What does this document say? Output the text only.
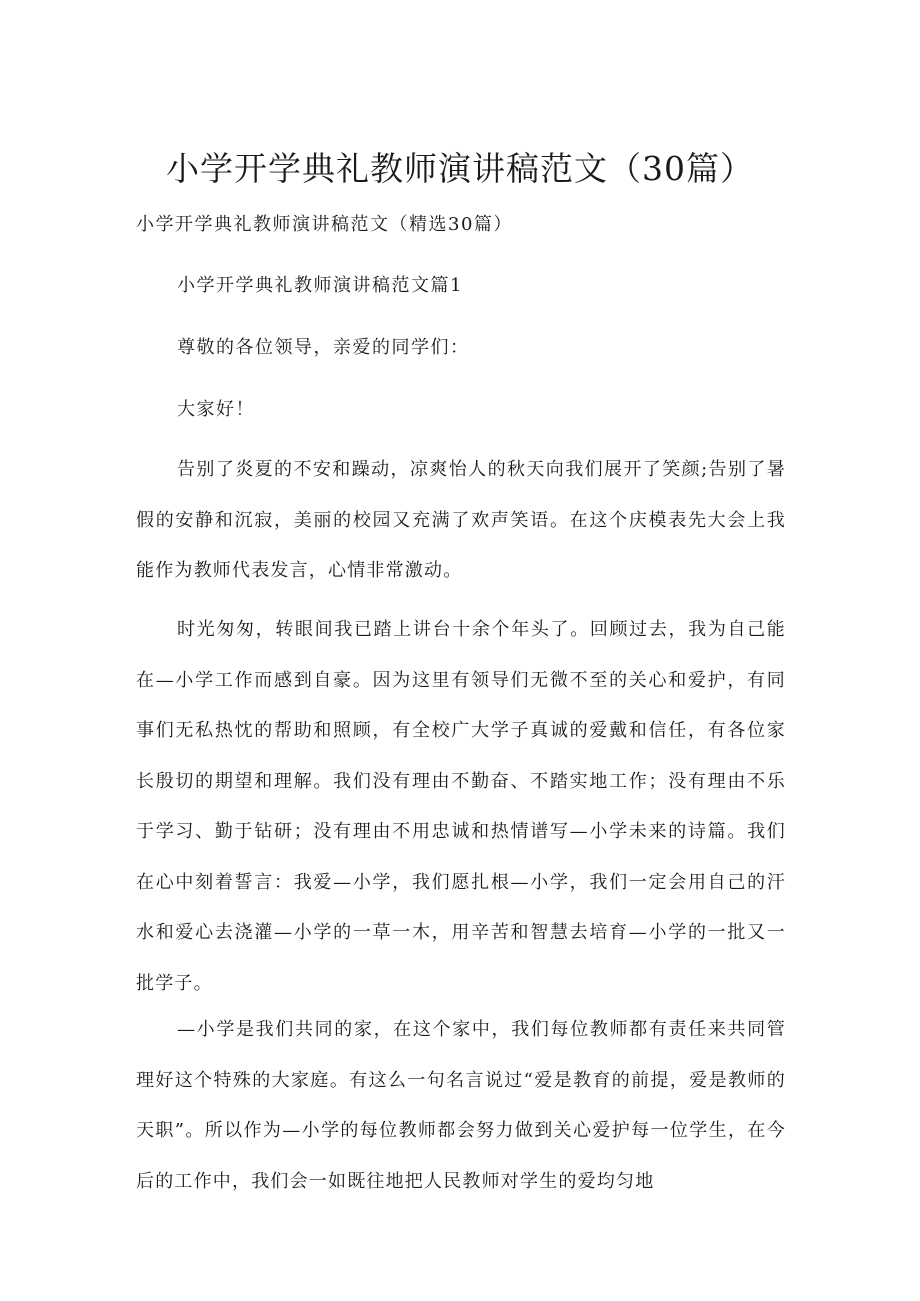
小学开学典礼教师演讲稿范文（30篇）

小学开学典礼教师演讲稿范文（精选30篇）

小学开学典礼教师演讲稿范文篇1

尊敬的各位领导，亲爱的同学们：

大家好！

告别了炎夏的不安和躁动，凉爽怡人的秋天向我们展开了笑颜;告别了暑假的安静和沉寂，美丽的校园又充满了欢声笑语。在这个庆模表先大会上我能作为教师代表发言，心情非常激动。

时光匆匆，转眼间我已踏上讲台十余个年头了。回顾过去，我为自己能在—小学工作而感到自豪。因为这里有领导们无微不至的关心和爱护，有同事们无私热忱的帮助和照顾，有全校广大学子真诚的爱戴和信任，有各位家长殷切的期望和理解。我们没有理由不勤奋、不踏实地工作；没有理由不乐于学习、勤于钻研；没有理由不用忠诚和热情谱写—小学未来的诗篇。我们在心中刻着誓言：我爱—小学，我们愿扎根—小学，我们一定会用自己的汗水和爱心去浇灌—小学的一草一木，用辛苦和智慧去培育—小学的一批又一批学子。

—小学是我们共同的家，在这个家中，我们每位教师都有责任来共同管理好这个特殊的大家庭。有这么一句名言说过“爱是教育的前提，爱是教师的天职”。所以作为—小学的每位教师都会努力做到关心爱护每一位学生，在今后的工作中，我们会一如既往地把人民教师对学生的爱均匀地
